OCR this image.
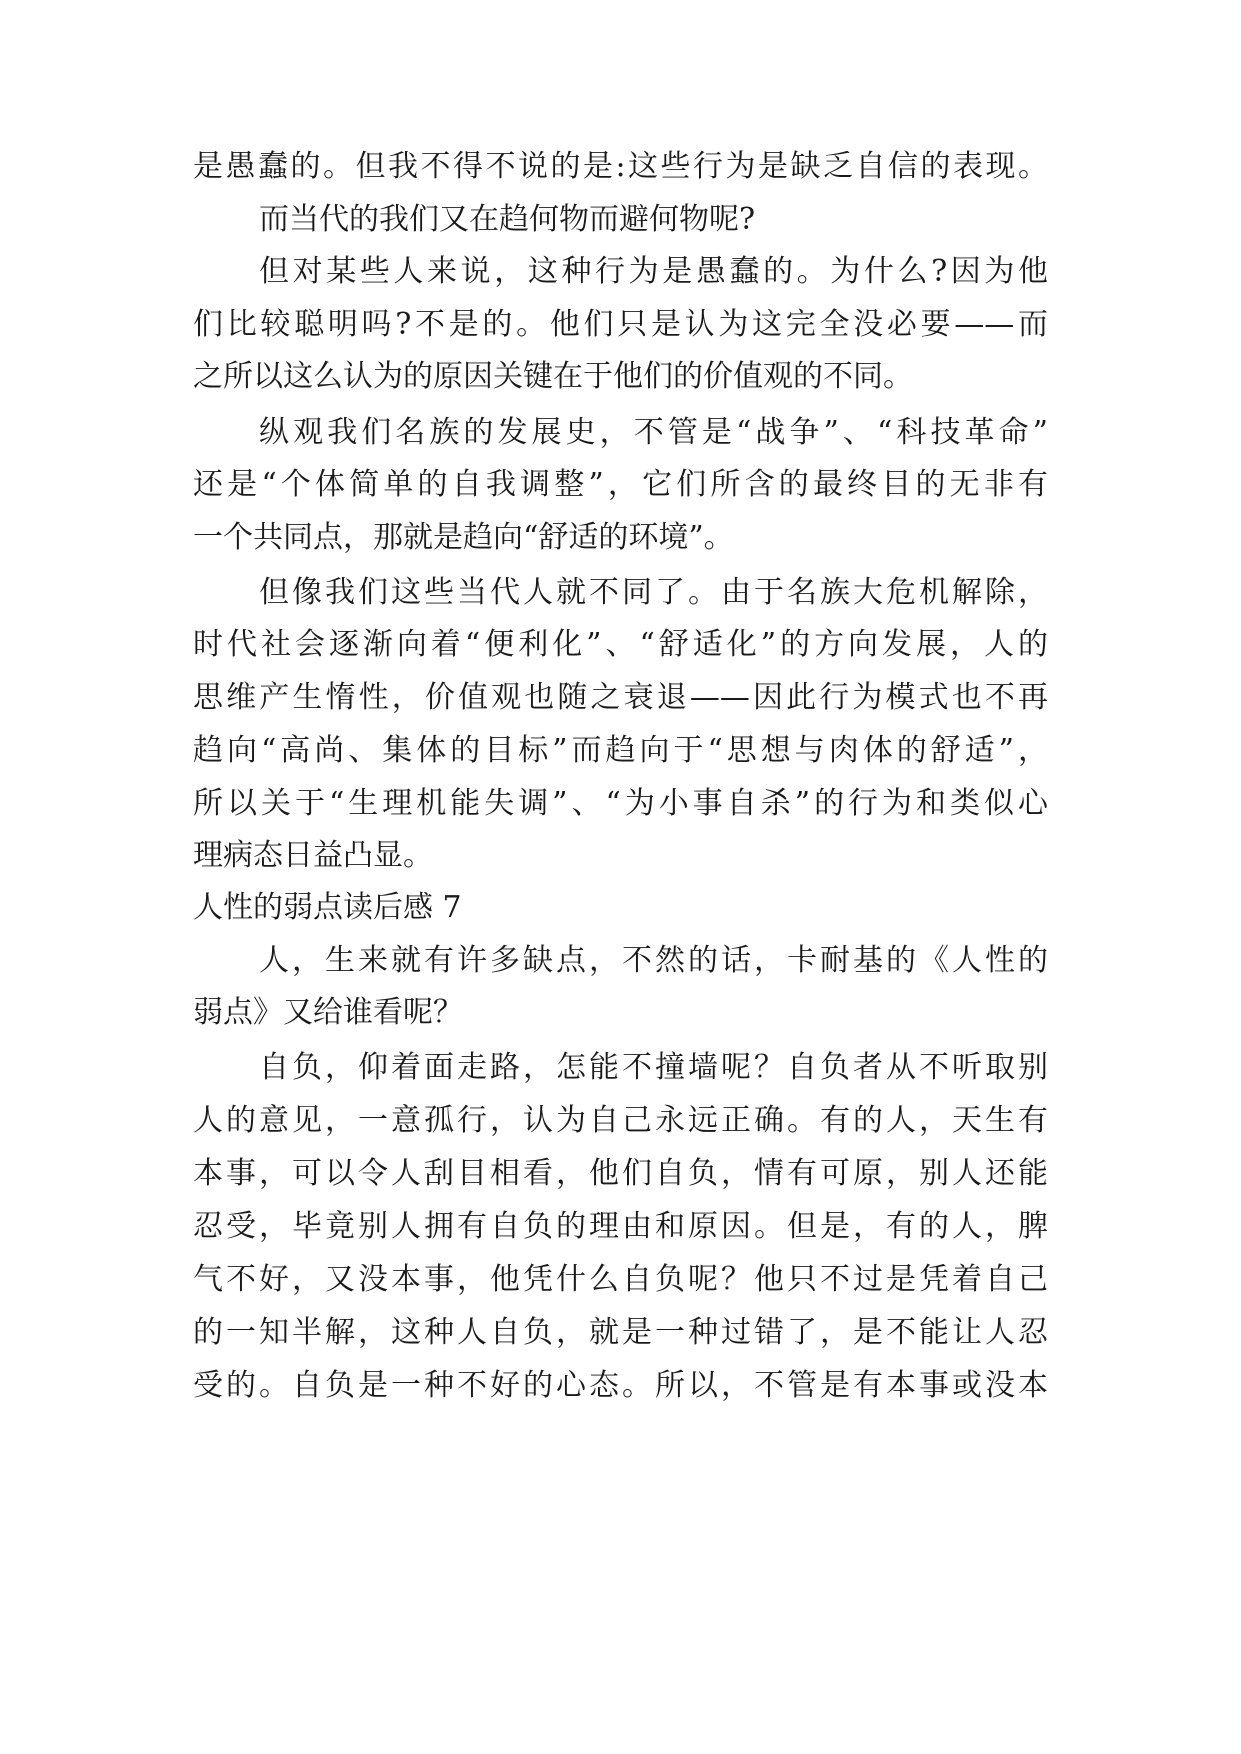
是愚蠢的。但我不得不说的是:这些行为是缺乏自信的表现。
而当代的我们又在趋何物而避何物呢?
但对某些人来说，这种行为是愚蠢的。为什么?因为他
们比较聪明吗?不是的。他们只是认为这完全没必要——而
之所以这么认为的原因关键在于他们的价值观的不同。
纵观我们名族的发展史，不管是“战争”、“科技革命”
还是“个体简单的自我调整”，它们所含的最终目的无非有
一个共同点，那就是趋向“舒适的环境”。
但像我们这些当代人就不同了。由于名族大危机解除，
时代社会逐渐向着“便利化”、“舒适化”的方向发展，人的
思维产生惰性，价值观也随之衰退——因此行为模式也不再
趋向“高尚、集体的目标”而趋向于“思想与肉体的舒适”，
所以关于“生理机能失调”、“为小事自杀”的行为和类似心
理病态日益凸显。
人性的弱点读后感 7
人，生来就有许多缺点，不然的话，卡耐基的《人性的
弱点》又给谁看呢？
自负，仰着面走路，怎能不撞墙呢？自负者从不听取别
人的意见，一意孤行，认为自己永远正确。有的人，天生有
本事，可以令人刮目相看，他们自负，情有可原，别人还能
忍受，毕竟别人拥有自负的理由和原因。但是，有的人，脾
气不好，又没本事，他凭什么自负呢？他只不过是凭着自己
的一知半解，这种人自负，就是一种过错了，是不能让人忍
受的。自负是一种不好的心态。所以，不管是有本事或没本
